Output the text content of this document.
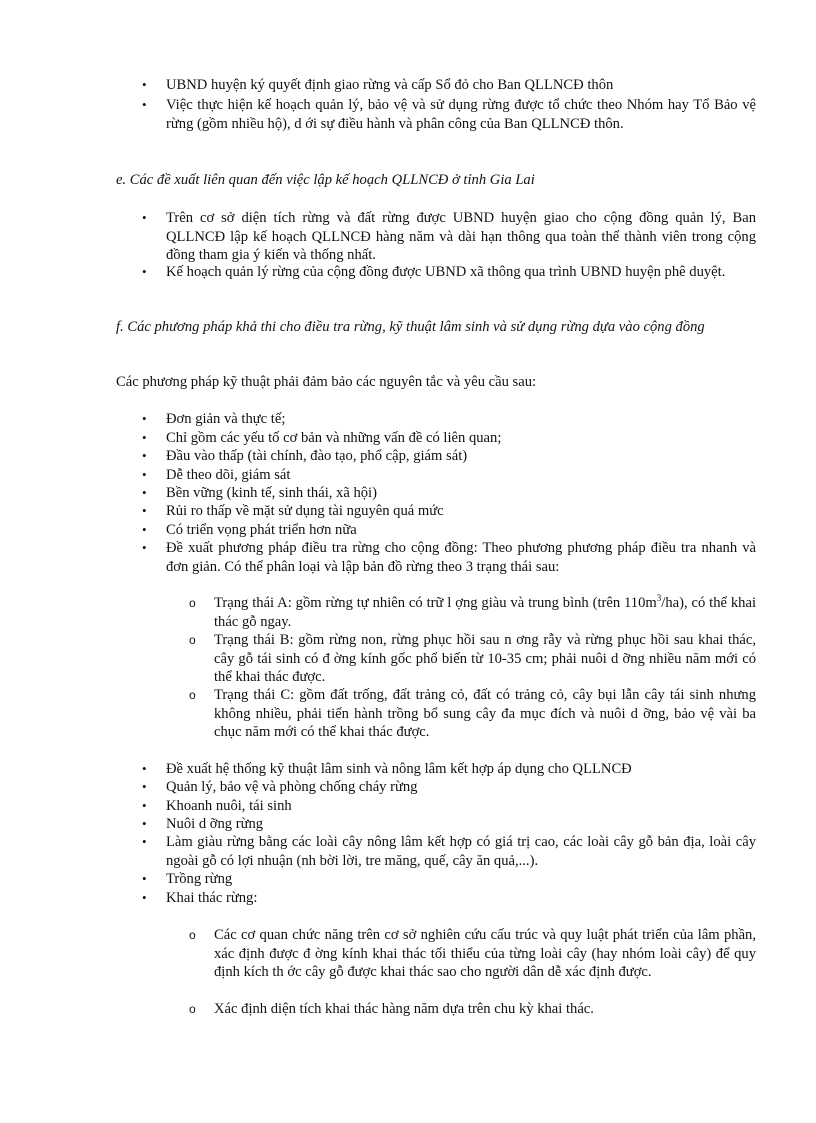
• UBND huyện ký quyết định giao rừng và cấp Sổ đỏ cho Ban QLLNCĐ thôn

• Việc thực hiện kế hoạch quản lý, bảo vệ và sử dụng rừng được tổ chức theo Nhóm hay Tổ Bảo vệ rừng (gồm nhiều hộ), d ới sự điều hành và phân công của Ban QLLNCĐ thôn.

e. Các đề xuất liên quan đến việc lập kế hoạch QLLNCĐ ở tỉnh Gia Lai

• Trên cơ sở diện tích rừng và đất rừng được UBND huyện giao cho cộng đồng quản lý, Ban QLLNCĐ lập kế hoạch QLLNCĐ hàng năm và dài hạn thông qua toàn thể thành viên trong cộng đồng tham gia ý kiến và thống nhất.

• Kế hoạch quản lý rừng của cộng đồng được UBND xã thông qua trình UBND huyện phê duyệt.

f. Các phương pháp khả thi cho điều tra rừng, kỹ thuật lâm sinh và sử dụng rừng dựa vào cộng đồng

Các phương pháp kỹ thuật phải đảm bảo các nguyên tắc và yêu cầu sau:

• Đơn giản và thực tế;

• Chỉ gồm các yếu tố cơ bản và những vấn đề có liên quan;

• Đầu vào thấp (tài chính, đào tạo, phổ cập, giám sát)

• Dễ theo dõi, giám sát

• Bền vững (kinh tế, sinh thái, xã hội)

• Rủi ro thấp về mặt sử dụng tài nguyên quá mức

• Có triển vọng phát triển hơn nữa

• Đề xuất phương pháp điều tra rừng cho cộng đồng: Theo phương phương pháp điều tra nhanh và đơn giản. Có thể phân loại và lập bản đồ rừng theo 3 trạng thái sau:

o Trạng thái A: gồm rừng tự nhiên có trữ l ợng giàu và trung bình (trên $110m^3/ha$), có thể khai thác gỗ ngay.

o Trạng thái B: gồm rừng non, rừng phục hồi sau n ơng rẫy và rừng phục hồi sau khai thác, cây gỗ tái sinh có đ ờng kính gốc phổ biến từ 10-35 cm; phải nuôi d ỡng nhiều năm mới có thể khai thác được.

o Trạng thái C: gồm đất trống, đất trảng cỏ, đất có trảng cỏ, cây bụi lẫn cây tái sinh nhưng không nhiều, phải tiến hành trồng bổ sung cây đa mục đích và nuôi d ỡng, bảo vệ vài ba chục năm mới có thể khai thác được.

• Đề xuất hệ thống kỹ thuật lâm sinh và nông lâm kết hợp áp dụng cho QLLNCĐ

• Quản lý, bảo vệ và phòng chống cháy rừng

• Khoanh nuôi, tái sinh

• Nuôi d ỡng rừng

• Làm giàu rừng bằng các loài cây nông lâm kết hợp có giá trị cao, các loài cây gỗ bản địa, loài cây ngoài gỗ có lợi nhuận (nh bời lời, tre măng, quế, cây ăn quả,...).

• Trồng rừng

• Khai thác rừng:

o Các cơ quan chức năng trên cơ sở nghiên cứu cấu trúc và quy luật phát triển của lâm phần, xác định được đ ờng kính khai thác tối thiểu của từng loài cây (hay nhóm loài cây) để quy định kích th ớc cây gỗ được khai thác sao cho người dân dễ xác định được.

o Xác định diện tích khai thác hàng năm dựa trên chu kỳ khai thác.
